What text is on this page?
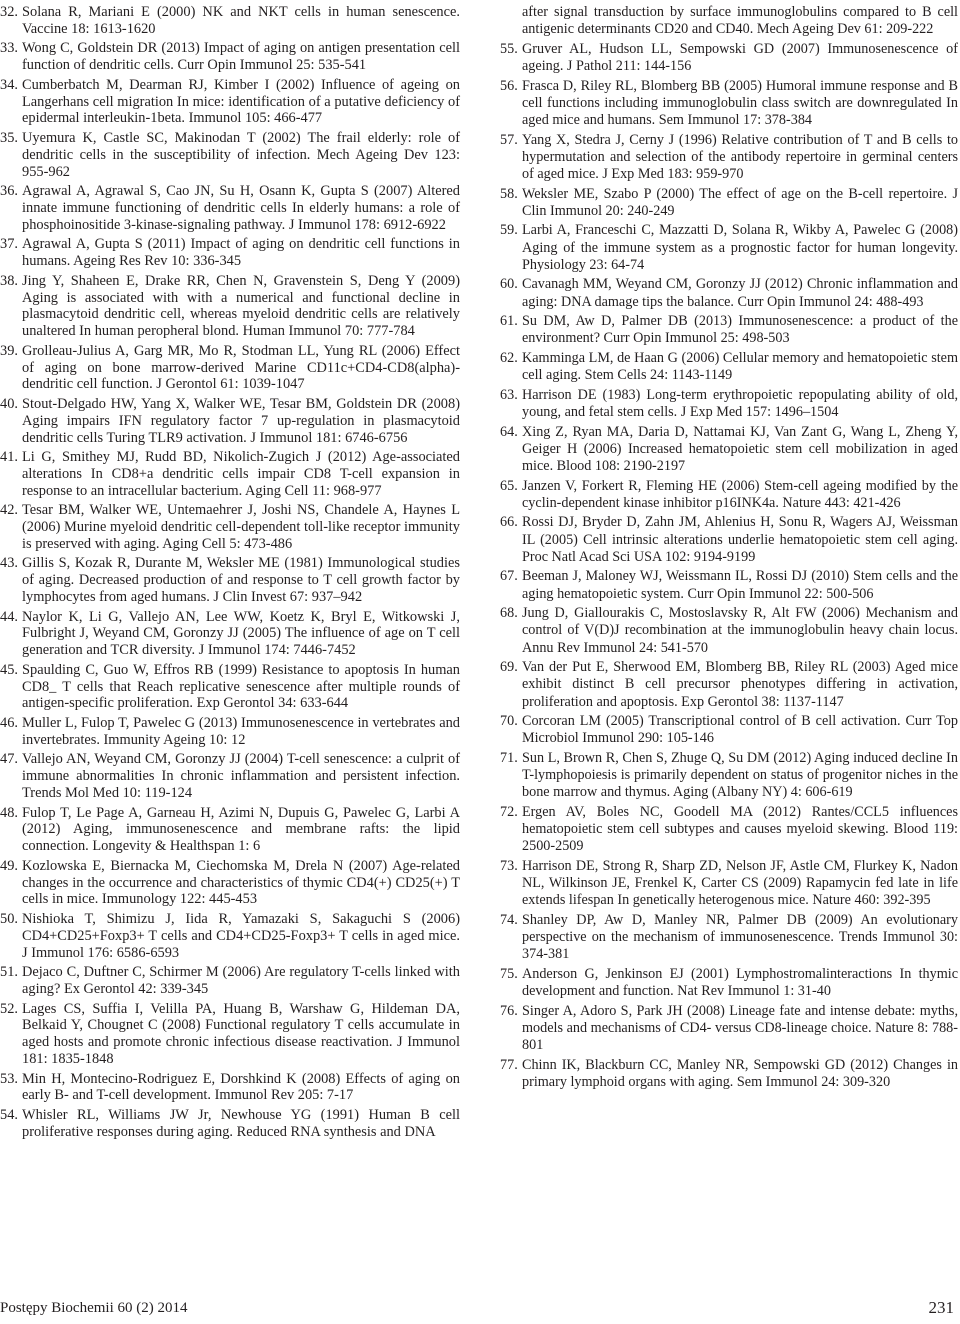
32. Solana R, Mariani E (2000) NK and NKT cells in human senescence. Vaccine 18: 1613-1620
33. Wong C, Goldstein DR (2013) Impact of aging on antigen presentation cell function of dendritic cells. Curr Opin Immunol 25: 535-541
34. Cumberbatch M, Dearman RJ, Kimber I (2002) Influence of ageing on Langerhans cell migration In mice: identification of a putative deficiency of epidermal interleukin-1beta. Immunol 105: 466-477
35. Uyemura K, Castle SC, Makinodan T (2002) The frail elderly: role of dendritic cells in the susceptibility of infection. Mech Ageing Dev 123: 955-962
36. Agrawal A, Agrawal S, Cao JN, Su H, Osann K, Gupta S (2007) Altered innate immune functioning of dendritic cells In elderly humans: a role of phosphoinositide 3-kinase-signaling pathway. J Immunol 178: 6912-6922
37. Agrawal A, Gupta S (2011) Impact of aging on dendritic cell functions in humans. Ageing Res Rev 10: 336-345
38. Jing Y, Shaheen E, Drake RR, Chen N, Gravenstein S, Deng Y (2009) Aging is associated with with a numerical and functional decline in plasmacytoid dendritic cell, whereas myeloid dendritic cells are relatively unaltered In human peropheral blond. Human Immunol 70: 777-784
39. Grolleau-Julius A, Garg MR, Mo R, Stodman LL, Yung RL (2006) Effect of aging on bone marrow-derived Marine CD11c+CD4-CD8(alpha)-dendritic cell function. J Gerontol 61: 1039-1047
40. Stout-Delgado HW, Yang X, Walker WE, Tesar BM, Goldstein DR (2008) Aging impairs IFN regulatory factor 7 up-regulation in plasmacytoid dendritic cells Turing TLR9 activation. J Immunol 181: 6746-6756
41. Li G, Smithey MJ, Rudd BD, Nikolich-Zugich J (2012) Age-associated alterations In CD8+a dendritic cells impair CD8 T-cell expansion in response to an intracellular bacterium. Aging Cell 11: 968-977
42. Tesar BM, Walker WE, Untemaehrer J, Joshi NS, Chandele A, Haynes L (2006) Murine myeloid dendritic cell-dependent toll-like receptor immunity is preserved with aging. Aging Cell 5: 473-486
43. Gillis S, Kozak R, Durante M, Weksler ME (1981) Immunological studies of aging. Decreased production of and response to T cell growth factor by lymphocytes from aged humans. J Clin Invest 67: 937–942
44. Naylor K, Li G, Vallejo AN, Lee WW, Koetz K, Bryl E, Witkowski J, Fulbright J, Weyand CM, Goronzy JJ (2005) The influence of age on T cell generation and TCR diversity. J Immunol 174: 7446-7452
45. Spaulding C, Guo W, Effros RB (1999) Resistance to apoptosis In human CD8_ T cells that Reach replicative senescence after multiple rounds of antigen-specific proliferation. Exp Gerontol 34: 633-644
46. Muller L, Fulop T, Pawelec G (2013) Immunosenescence in vertebrates and invertebrates. Immunity Ageing 10: 12
47. Vallejo AN, Weyand CM, Goronzy JJ (2004) T-cell senescence: a culprit of immune abnormalities In chronic inflammation and persistent infection. Trends Mol Med 10: 119-124
48. Fulop T, Le Page A, Garneau H, Azimi N, Dupuis G, Pawelec G, Larbi A (2012) Aging, immunosenescence and membrane rafts: the lipid connection. Longevity & Healthspan 1: 6
49. Kozlowska E, Biernacka M, Ciechomska M, Drela N (2007) Age-related changes in the occurrence and characteristics of thymic CD4(+) CD25(+) T cells in mice. Immunology 122: 445-453
50. Nishioka T, Shimizu J, Iida R, Yamazaki S, Sakaguchi S (2006) CD4+CD25+Foxp3+ T cells and CD4+CD25-Foxp3+ T cells in aged mice. J Immunol 176: 6586-6593
51. Dejaco C, Duftner C, Schirmer M (2006) Are regulatory T-cells linked with aging? Ex Gerontol 42: 339-345
52. Lages CS, Suffia I, Velilla PA, Huang B, Warshaw G, Hildeman DA, Belkaid Y, Chougnet C (2008) Functional regulatory T cells accumulate in aged hosts and promote chronic infectious disease reactivation. J Immunol 181: 1835-1848
53. Min H, Montecino-Rodriguez E, Dorshkind K (2008) Effects of aging on early B- and T-cell development. Immunol Rev 205: 7-17
54. Whisler RL, Williams JW Jr, Newhouse YG (1991) Human B cell proliferative responses during aging. Reduced RNA synthesis and DNA
after signal transduction by surface immunoglobulins compared to B cell antigenic determinants CD20 and CD40. Mech Ageing Dev 61: 209-222
55. Gruver AL, Hudson LL, Sempowski GD (2007) Immunosenescence of ageing. J Pathol 211: 144-156
56. Frasca D, Riley RL, Blomberg BB (2005) Humoral immune response and B cell functions including immunoglobulin class switch are downregulated In aged mice and humans. Sem Immunol 17: 378-384
57. Yang X, Stedra J, Cerny J (1996) Relative contribution of T and B cells to hypermutation and selection of the antibody repertoire in germinal centers of aged mice. J Exp Med 183: 959-970
58. Weksler ME, Szabo P (2000) The effect of age on the B-cell repertoire. J Clin Immunol 20: 240-249
59. Larbi A, Franceschi C, Mazzatti D, Solana R, Wikby A, Pawelec G (2008) Aging of the immune system as a prognostic factor for human longevity. Physiology 23: 64-74
60. Cavanagh MM, Weyand CM, Goronzy JJ (2012) Chronic inflammation and aging: DNA damage tips the balance. Curr Opin Immunol 24: 488-493
61. Su DM, Aw D, Palmer DB (2013) Immunosenescence: a product of the environment? Curr Opin Immunol 25: 498-503
62. Kamminga LM, de Haan G (2006) Cellular memory and hematopoietic stem cell aging. Stem Cells 24: 1143-1149
63. Harrison DE (1983) Long-term erythropoietic repopulating ability of old, young, and fetal stem cells. J Exp Med 157: 1496–1504
64. Xing Z, Ryan MA, Daria D, Nattamai KJ, Van Zant G, Wang L, Zheng Y, Geiger H (2006) Increased hematopoietic stem cell mobilization in aged mice. Blood 108: 2190-2197
65. Janzen V, Forkert R, Fleming HE (2006) Stem-cell ageing modified by the cyclin-dependent kinase inhibitor p16INK4a. Nature 443: 421-426
66. Rossi DJ, Bryder D, Zahn JM, Ahlenius H, Sonu R, Wagers AJ, Weissman IL (2005) Cell intrinsic alterations underlie hematopoietic stem cell aging. Proc Natl Acad Sci USA 102: 9194-9199
67. Beeman J, Maloney WJ, Weissmann IL, Rossi DJ (2010) Stem cells and the aging hematopoietic system. Curr Opin Immunol 22: 500-506
68. Jung D, Giallourakis C, Mostoslavsky R, Alt FW (2006) Mechanism and control of V(D)J recombination at the immunoglobulin heavy chain locus. Annu Rev Immunol 24: 541-570
69. Van der Put E, Sherwood EM, Blomberg BB, Riley RL (2003) Aged mice exhibit distinct B cell precursor phenotypes differing in activation, proliferation and apoptosis. Exp Gerontol 38: 1137-1147
70. Corcoran LM (2005) Transcriptional control of B cell activation. Curr Top Microbiol Immunol 290: 105-146
71. Sun L, Brown R, Chen S, Zhuge Q, Su DM (2012) Aging induced decline In T-lymphopoiesis is primarily dependent on status of progenitor niches in the bone marrow and thymus. Aging (Albany NY) 4: 606-619
72. Ergen AV, Boles NC, Goodell MA (2012) Rantes/CCL5 influences hematopoietic stem cell subtypes and causes myeloid skewing. Blood 119: 2500-2509
73. Harrison DE, Strong R, Sharp ZD, Nelson JF, Astle CM, Flurkey K, Nadon NL, Wilkinson JE, Frenkel K, Carter CS (2009) Rapamycin fed late in life extends lifespan In genetically heterogenous mice. Nature 460: 392-395
74. Shanley DP, Aw D, Manley NR, Palmer DB (2009) An evolutionary perspective on the mechanism of immunosenescence. Trends Immunol 30: 374-381
75. Anderson G, Jenkinson EJ (2001) Lymphostromalinteractions In thymic development and function. Nat Rev Immunol 1: 31-40
76. Singer A, Adoro S, Park JH (2008) Lineage fate and intense debate: myths, models and mechanisms of CD4- versus CD8-lineage choice. Nature 8: 788-801
77. Chinn IK, Blackburn CC, Manley NR, Sempowski GD (2012) Changes in primary lymphoid organs with aging. Sem Immunol 24: 309-320
Postępy Biochemii 60 (2) 2014	231
